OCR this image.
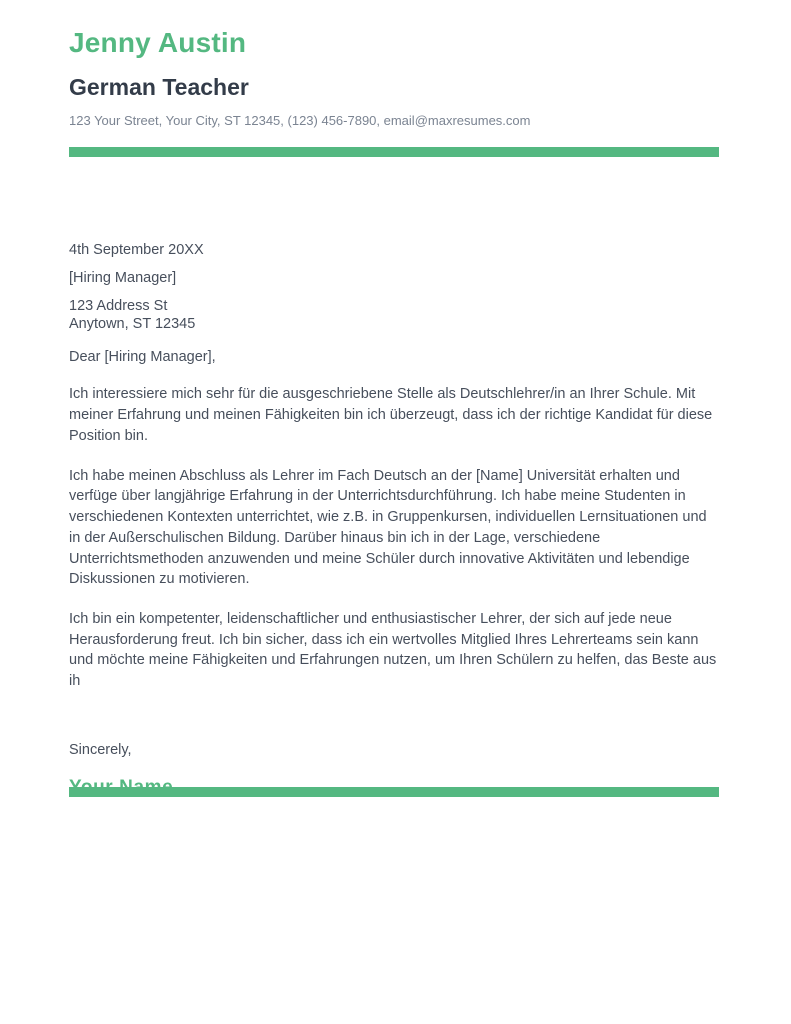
Jenny Austin
German Teacher
123 Your Street, Your City, ST 12345, (123) 456-7890, email@maxresumes.com
4th September 20XX
[Hiring Manager]
123 Address St
Anytown, ST 12345
Dear [Hiring Manager],

Ich interessiere mich sehr für die ausgeschriebene Stelle als Deutschlehrer/in an Ihrer Schule. Mit meiner Erfahrung und meinen Fähigkeiten bin ich überzeugt, dass ich der richtige Kandidat für diese Position bin.

Ich habe meinen Abschluss als Lehrer im Fach Deutsch an der [Name] Universität erhalten und verfüge über langjährige Erfahrung in der Unterrichtsdurchführung. Ich habe meine Studenten in verschiedenen Kontexten unterrichtet, wie z.B. in Gruppenkursen, individuellen Lernsituationen und in der Außerschulischen Bildung. Darüber hinaus bin ich in der Lage, verschiedene Unterrichtsmethoden anzuwenden und meine Schüler durch innovative Aktivitäten und lebendige Diskussionen zu motivieren.

Ich bin ein kompetenter, leidenschaftlicher und enthusiastischer Lehrer, der sich auf jede neue Herausforderung freut. Ich bin sicher, dass ich ein wertvolles Mitglied Ihres Lehrerteams sein kann und möchte meine Fähigkeiten und Erfahrungen nutzen, um Ihren Schülern zu helfen, das Beste aus ih

Sincerely,
